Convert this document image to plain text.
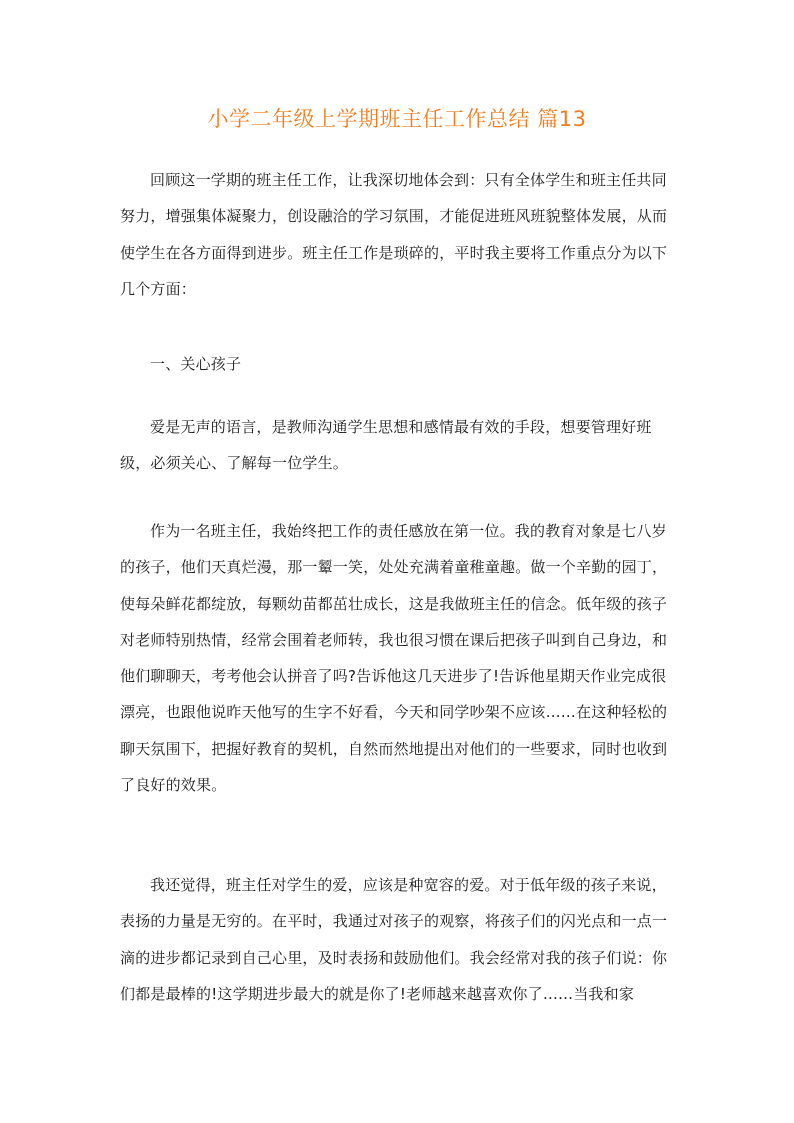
小学二年级上学期班主任工作总结 篇13

回顾这一学期的班主任工作，让我深切地体会到：只有全体学生和班主任共同努力，增强集体凝聚力，创设融洽的学习氛围，才能促进班风班貌整体发展，从而使学生在各方面得到进步。班主任工作是琐碎的，平时我主要将工作重点分为以下几个方面：

一、关心孩子

爱是无声的语言，是教师沟通学生思想和感情最有效的手段，想要管理好班级，必须关心、了解每一位学生。

作为一名班主任，我始终把工作的责任感放在第一位。我的教育对象是七八岁的孩子，他们天真烂漫，那一颦一笑，处处充满着童稚童趣。做一个辛勤的园丁，使每朵鲜花都绽放，每颗幼苗都茁壮成长，这是我做班主任的信念。低年级的孩子对老师特别热情，经常会围着老师转，我也很习惯在课后把孩子叫到自己身边，和他们聊聊天，考考他会认拼音了吗?告诉他这几天进步了!告诉他星期天作业完成很漂亮，也跟他说昨天他写的生字不好看，今天和同学吵架不应该……在这种轻松的聊天氛围下，把握好教育的契机，自然而然地提出对他们的一些要求，同时也收到了良好的效果。

我还觉得，班主任对学生的爱，应该是种宽容的爱。对于低年级的孩子来说，表扬的力量是无穷的。在平时，我通过对孩子的观察，将孩子们的闪光点和一点一滴的进步都记录到自己心里，及时表扬和鼓励他们。我会经常对我的孩子们说：你们都是最棒的!这学期进步最大的就是你了!老师越来越喜欢你了……当我和家
